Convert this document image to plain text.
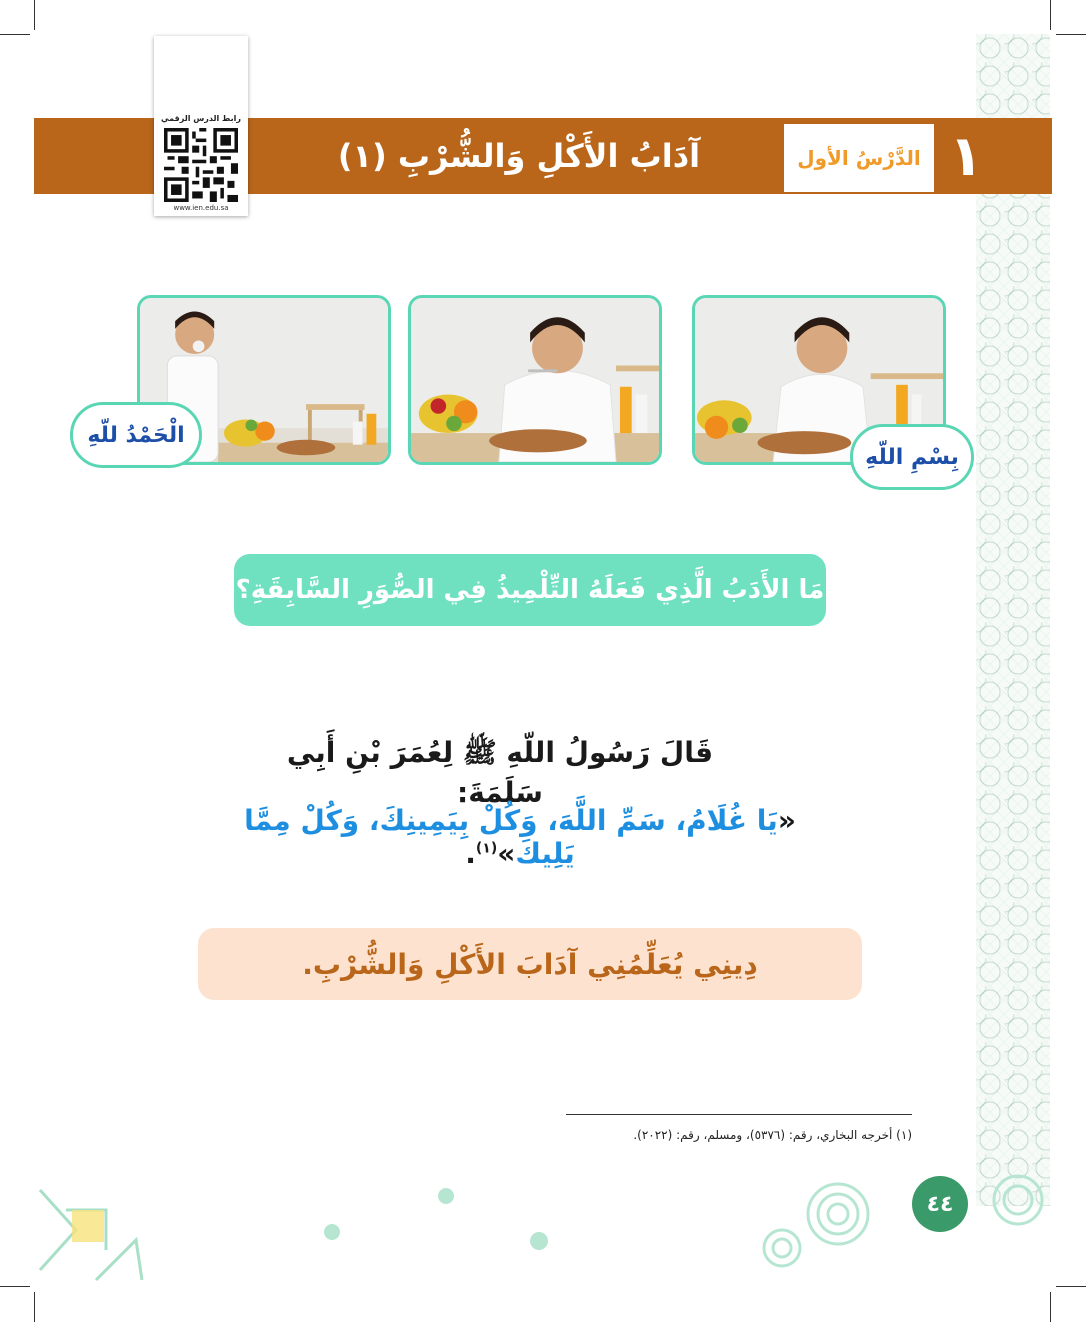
آدَابُ الأَكْلِ وَالشُّرْبِ (١)	الدَّرْسُ الأول ١
رابط الدرس الرقمي
www.ien.edu.sa
بِسْمِ اللّهِ
الْحَمْدُ للّهِ
مَا الأَدَبُ الَّذِي فَعَلَهُ التِّلْمِيذُ فِي الصُّوَرِ السَّابِقَةِ؟
قَالَ رَسُولُ اللّهِ ﷺ لِعُمَرَ بْنِ أَبِي سَلَمَةَ:
«يَا غُلَامُ، سَمِّ اللَّهَ، وَكُلْ بِيَمِينِكَ، وَكُلْ مِمَّا يَلِيكَ»$^{(١)}$.
دِينِي يُعَلِّمُنِي آدَابَ الأَكْلِ وَالشُّرْبِ.
(١) أخرجه البخاري، رقم: (٥٣٧٦)، ومسلم، رقم: (٢٠٢٢).
٤٤
